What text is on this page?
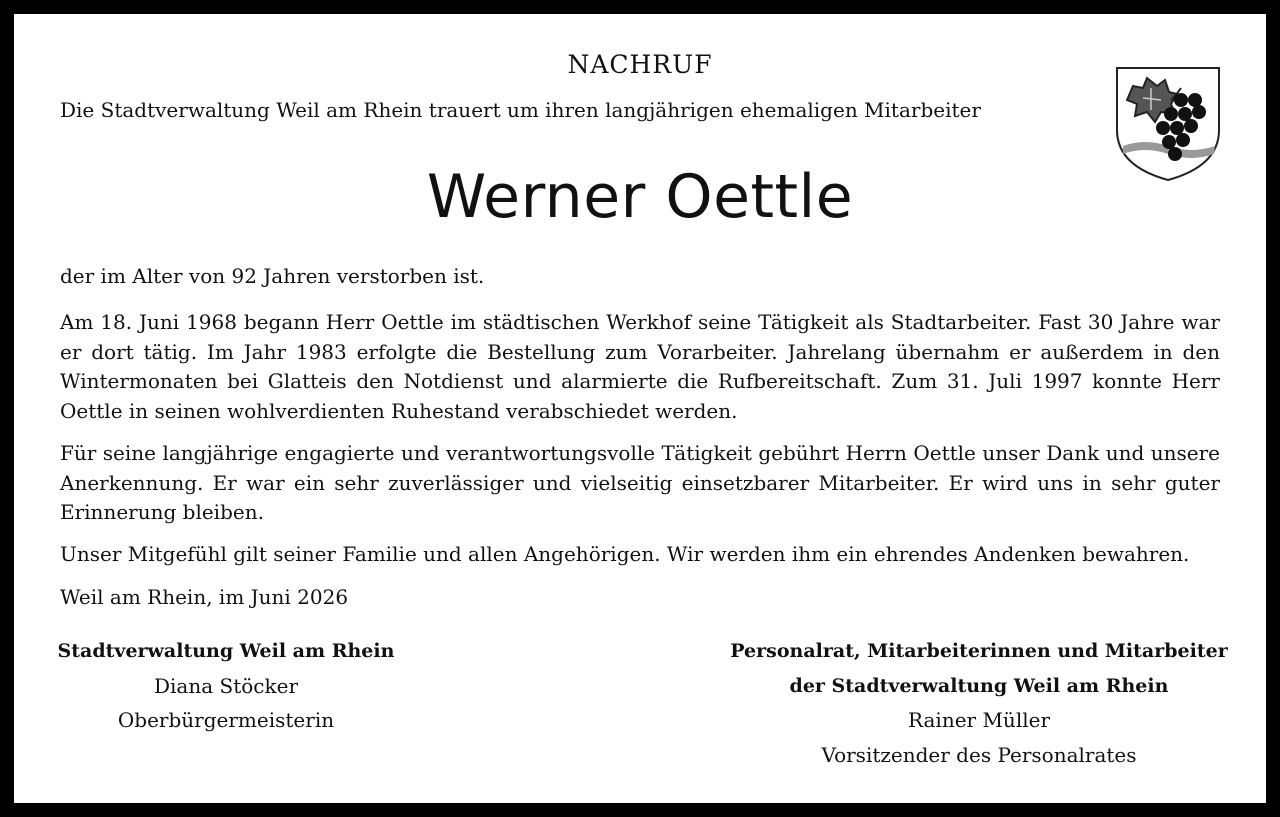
NACHRUF
Die Stadtverwaltung Weil am Rhein trauert um ihren langjährigen ehemaligen Mitarbeiter
Werner Oettle

der im Alter von 92 Jahren verstorben ist.

Am 18. Juni 1968 begann Herr Oettle im städtischen Werkhof seine Tätigkeit als Stadtarbeiter. Fast 30 Jahre war er dort tätig. Im Jahr 1983 erfolgte die Bestellung zum Vorarbeiter. Jahrelang übernahm er außerdem in den Wintermonaten bei Glatteis den Notdienst und alarmierte die Rufbereitschaft. Zum 31. Juli 1997 konnte Herr Oettle in seinen wohlverdienten Ruhestand verabschiedet werden.

Für seine langjährige engagierte und verantwortungsvolle Tätigkeit gebührt Herrn Oettle unser Dank und unsere Anerkennung. Er war ein sehr zuverlässiger und vielseitig einsetzbarer Mitarbeiter. Er wird uns in sehr guter Erinnerung bleiben.

Unser Mitgefühl gilt seiner Familie und allen Angehörigen. Wir werden ihm ein ehrendes Andenken bewahren.

Weil am Rhein, im Juni 2026
Stadtverwaltung Weil am Rhein
Diana Stöcker
Oberbürgermeisterin
Personalrat, Mitarbeiterinnen und Mitarbeiter
der Stadtverwaltung Weil am Rhein
Rainer Müller
Vorsitzender des Personalrates
